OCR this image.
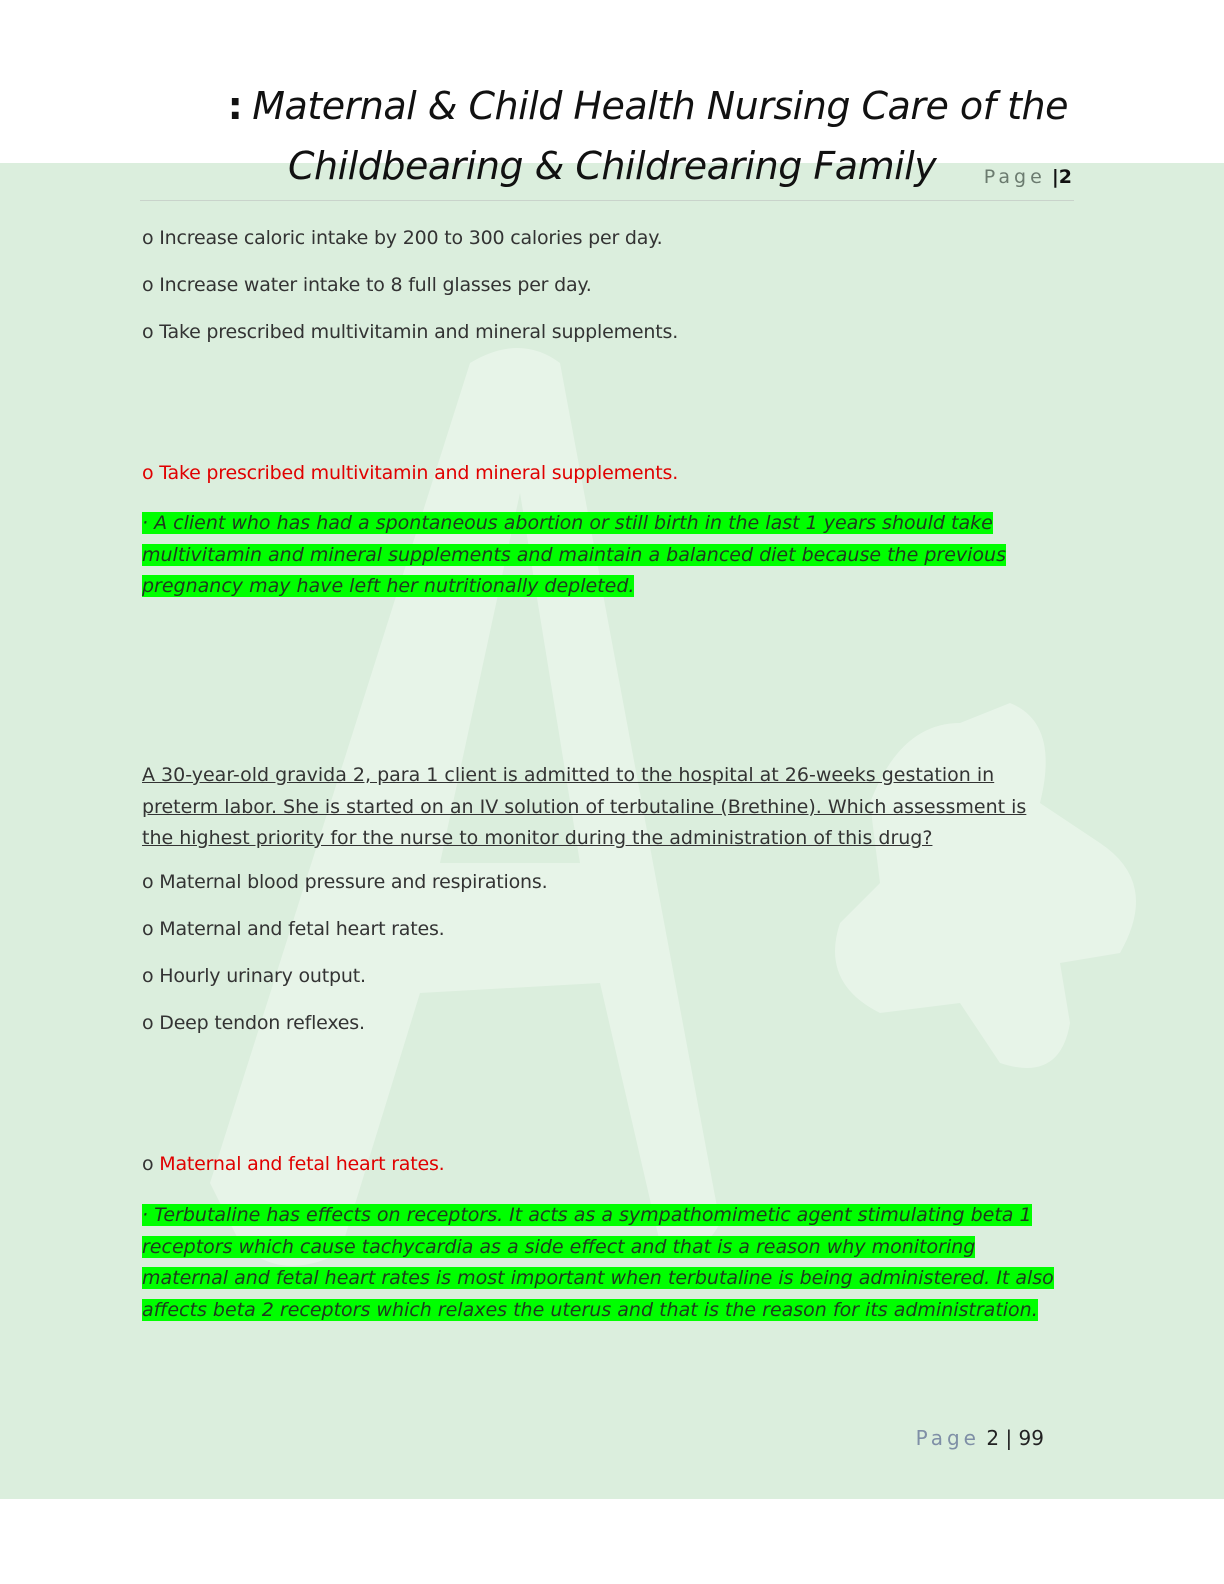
: Maternal & Child Health Nursing Care of the
Childbearing & Childrearing Family	Page |2
o Increase caloric intake by 200 to 300 calories per day.
o Increase water intake to 8 full glasses per day.
o Take prescribed multivitamin and mineral supplements.
o Take prescribed multivitamin and mineral supplements.
· A client who has had a spontaneous abortion or still birth in the last 1 years should take multivitamin and mineral supplements and maintain a balanced diet because the previous pregnancy may have left her nutritionally depleted.
A 30-year-old gravida 2, para 1 client is admitted to the hospital at 26-weeks gestation in preterm labor. She is started on an IV solution of terbutaline (Brethine). Which assessment is the highest priority for the nurse to monitor during the administration of this drug?
o Maternal blood pressure and respirations.
o Maternal and fetal heart rates.
o Hourly urinary output.
o Deep tendon reflexes.
o Maternal and fetal heart rates.
· Terbutaline has effects on receptors. It acts as a sympathomimetic agent stimulating beta 1 receptors which cause tachycardia as a side effect and that is a reason why monitoring maternal and fetal heart rates is most important when terbutaline is being administered. It also affects beta 2 receptors which relaxes the uterus and that is the reason for its administration.
Page 2 | 99
